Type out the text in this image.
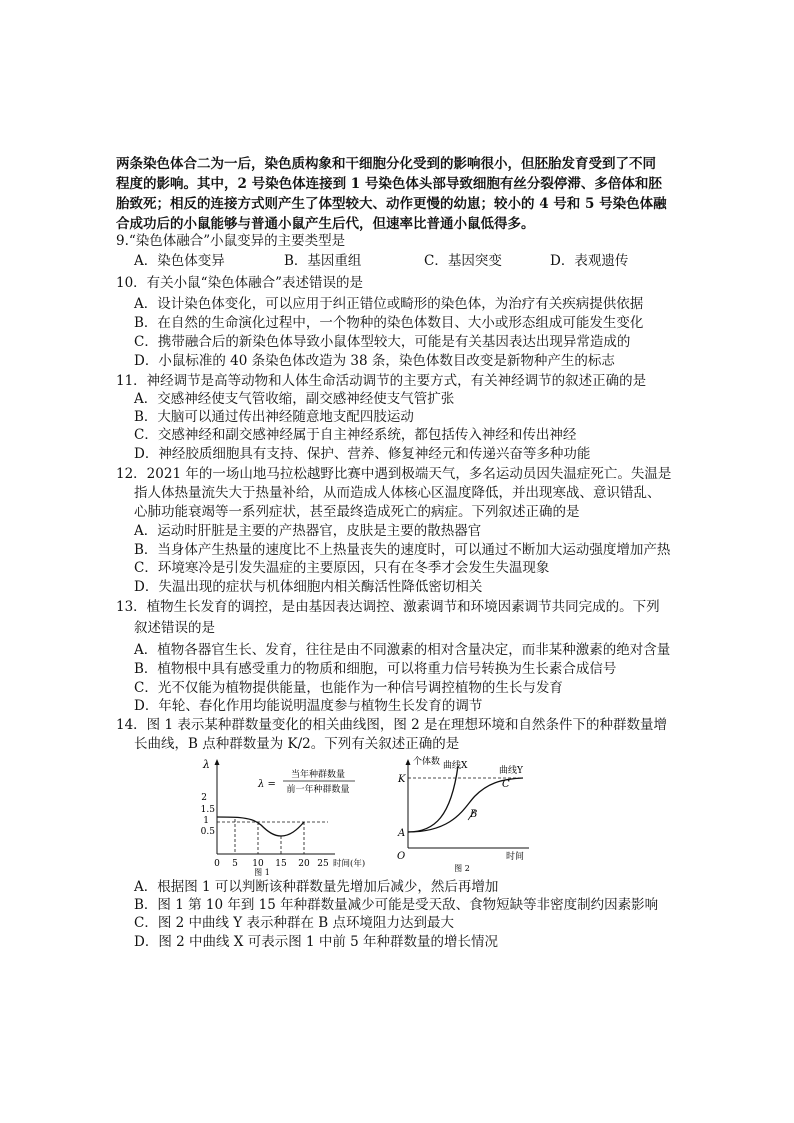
两条染色体合二为一后，染色质构象和干细胞分化受到的影响很小，但胚胎发育受到了不同

程度的影响。其中，2 号染色体连接到 1 号染色体头部导致细胞有丝分裂停滞、多倍体和胚

胎致死；相反的连接方式则产生了体型较大、动作更慢的幼崽；较小的 4 号和 5 号染色体融

合成功后的小鼠能够与普通小鼠产生后代，但速率比普通小鼠低得多。

9.“染色体融合”小鼠变异的主要类型是
A．染色体变异	B．基因重组	C．基因突变	D．表观遗传
10．有关小鼠“染色体融合”表述错误的是
A．设计染色体变化，可以应用于纠正错位或畸形的染色体，为治疗有关疾病提供依据
B．在自然的生命演化过程中，一个物种的染色体数目、大小或形态组成可能发生变化
C．携带融合后的新染色体导致小鼠体型较大，可能是有关基因表达出现异常造成的
D．小鼠标准的 40 条染色体改造为 38 条，染色体数目改变是新物种产生的标志
11．神经调节是高等动物和人体生命活动调节的主要方式，有关神经调节的叙述正确的是
A．交感神经使支气管收缩，副交感神经使支气管扩张
B．大脑可以通过传出神经随意地支配四肢运动
C．交感神经和副交感神经属于自主神经系统，都包括传入神经和传出神经
D．神经胶质细胞具有支持、保护、营养、修复神经元和传递兴奋等多种功能
12．2021 年的一场山地马拉松越野比赛中遇到极端天气，多名运动员因失温症死亡。失温是
指人体热量流失大于热量补给，从而造成人体核心区温度降低，并出现寒战、意识错乱、
心肺功能衰竭等一系列症状，甚至最终造成死亡的病症。下列叙述正确的是
A．运动时肝脏是主要的产热器官，皮肤是主要的散热器官
B．当身体产生热量的速度比不上热量丧失的速度时，可以通过不断加大运动强度增加产热
C．环境寒冷是引发失温症的主要原因，只有在冬季才会发生失温现象
D．失温出现的症状与机体细胞内相关酶活性降低密切相关
13．植物生长发育的调控，是由基因表达调控、激素调节和环境因素调节共同完成的。下列
叙述错误的是
A．植物各器官生长、发育，往往是由不同激素的相对含量决定，而非某种激素的绝对含量
B．植物根中具有感受重力的物质和细胞，可以将重力信号转换为生长素合成信号
C．光不仅能为植物提供能量，也能作为一种信号调控植物的生长与发育
D．年轮、春化作用均能说明温度参与植物生长发育的调节
14．图 1 表示某种群数量变化的相关曲线图，图 2 是在理想环境和自然条件下的种群数量增
长曲线，B 点种群数量为 K/2。下列有关叙述正确的是
λ
2
1.5
1
0.5
0 5 10 15 20 25 时间(年)
λ =
当年种群数量
前一年种群数量
图 1
个体数
K
曲线X	曲线Y
C
B
A
O	时间
图 2
A．根据图 1 可以判断该种群数量先增加后减少，然后再增加
B．图 1 第 10 年到 15 年种群数量减少可能是受天敌、食物短缺等非密度制约因素影响
C．图 2 中曲线 Y 表示种群在 B 点环境阻力达到最大
D．图 2 中曲线 X 可表示图 1 中前 5 年种群数量的增长情况
